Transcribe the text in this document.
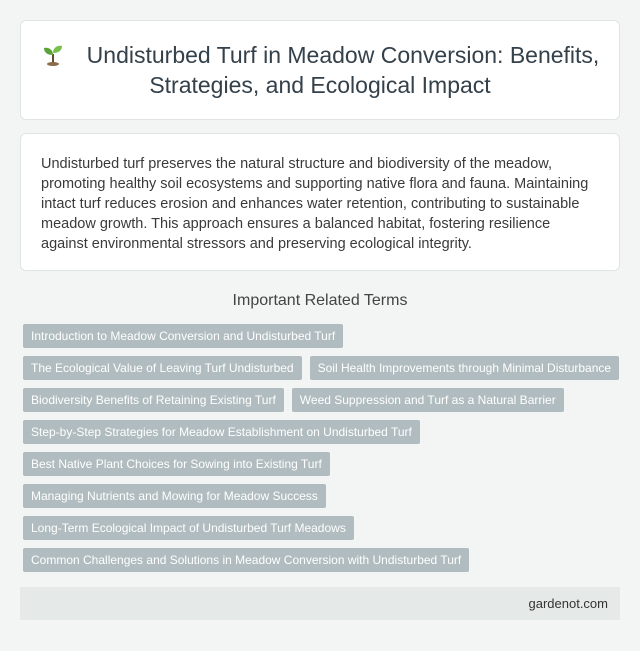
Undisturbed Turf in Meadow Conversion: Benefits, Strategies, and Ecological Impact

Undisturbed turf preserves the natural structure and biodiversity of the meadow, promoting healthy soil ecosystems and supporting native flora and fauna. Maintaining intact turf reduces erosion and enhances water retention, contributing to sustainable meadow growth. This approach ensures a balanced habitat, fostering resilience against environmental stressors and preserving ecological integrity.

Important Related Terms
Introduction to Meadow Conversion and Undisturbed Turf
The Ecological Value of Leaving Turf Undisturbed	Soil Health Improvements through Minimal Disturbance
Biodiversity Benefits of Retaining Existing Turf	Weed Suppression and Turf as a Natural Barrier
Step-by-Step Strategies for Meadow Establishment on Undisturbed Turf
Best Native Plant Choices for Sowing into Existing Turf
Managing Nutrients and Mowing for Meadow Success
Long-Term Ecological Impact of Undisturbed Turf Meadows
Common Challenges and Solutions in Meadow Conversion with Undisturbed Turf
gardenot.com
